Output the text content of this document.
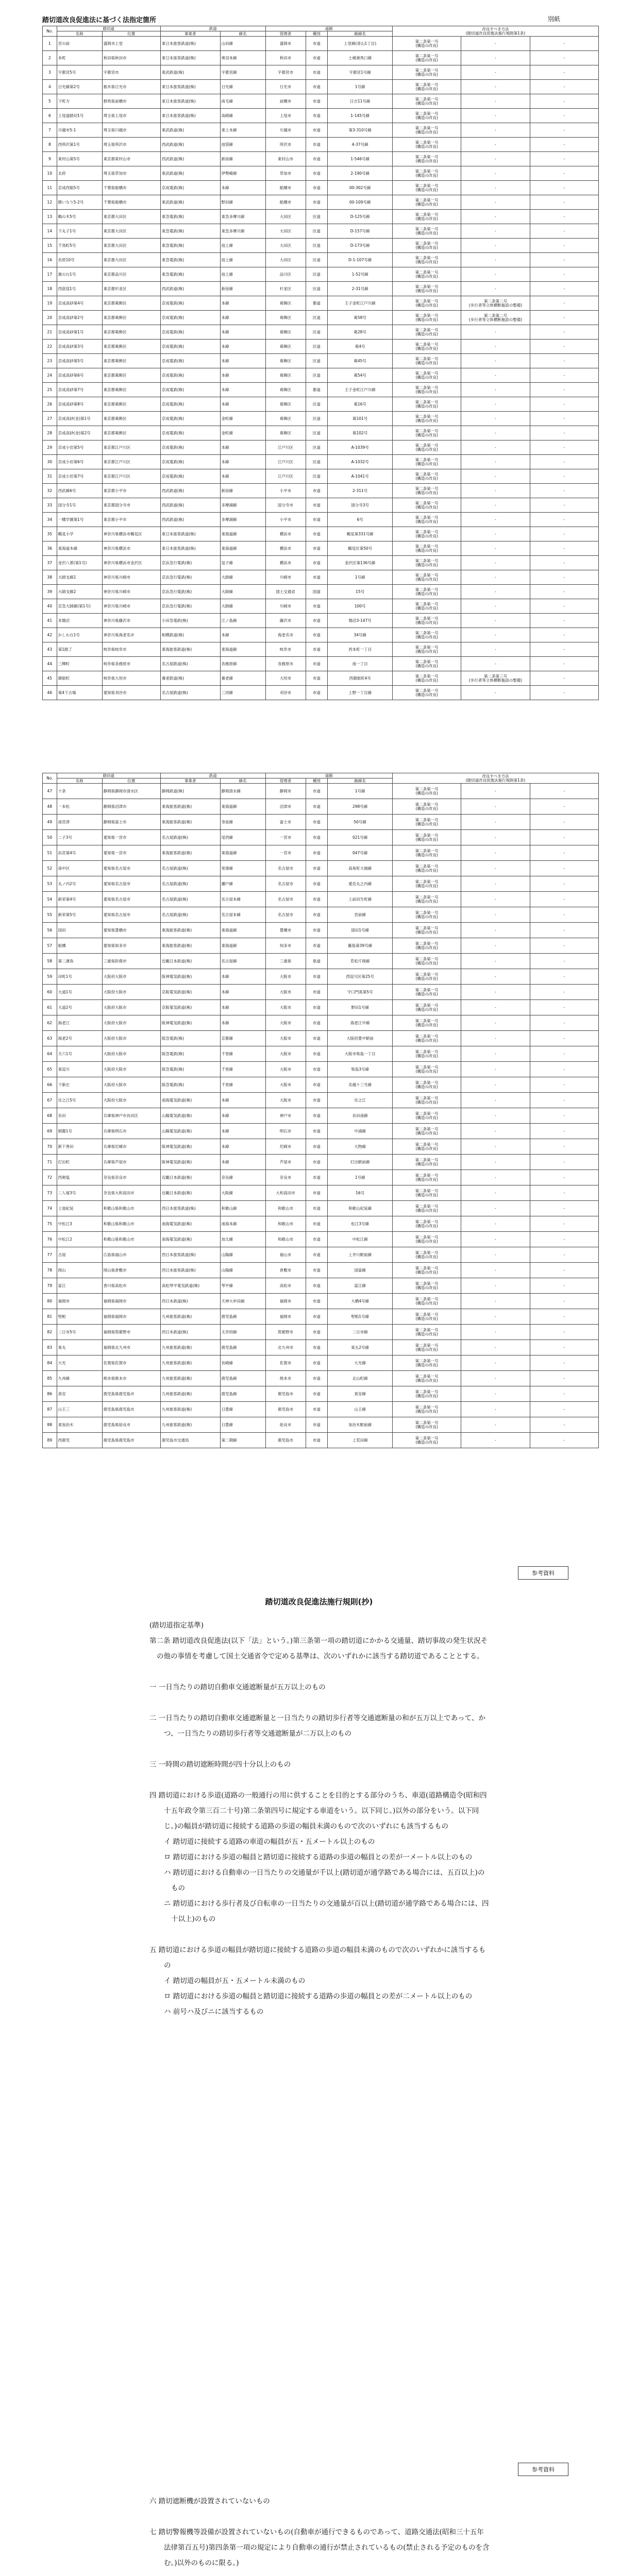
踏切道改良促進法に基づく法指定箇所	別紙
No.	踏切道		鉄道		道路			改良すべき方法
(踏切道改良促進法施行規則第1条)		

	名称	位置	事業者	線名	管理者	種別	路線名			
1	宮の前	盛岡市上堂	東日本旅客鉄道(株)	山田線	盛岡市	市道	上堂線(青山1丁目)	第二条第一号
(構造の改良)	-	-
2	本町	秋田県秋田市	東日本旅客鉄道(株)	奥羽本線	秋田市	市道	土崎港馬口線	第二条第一号
(構造の改良)	-	-
3	宇都宮5号	宇都宮市	東武鉄道(株)	宇都宮線	宇都宮市	市道	宇都宮1号線	第二条第一号
(構造の改良)	-	-
4	日光線第2号	栃木県日光市	東日本旅客鉄道(株)	日光線	日光市	市道	1号線	第二条第一号
(構造の改良)	-	-
5	下町方	群馬県前橋市	東日本旅客鉄道(株)	両毛線	前橋市	市道	日吉11号線	第二条第一号
(構造の改良)	-	-
6	上尾道踏切1号	埼玉県上尾市	東日本旅客鉄道(株)	高崎線	上尾市	市道	1-145号線	第二条第一号
(構造の改良)	-	-
7	川越市5-1	埼玉県川越市	東武鉄道(株)	東上本線	川越市	市道	第3-310号線	第二条第一号
(構造の改良)	-	-
8	西所沢第1号	埼玉県所沢市	西武鉄道(株)	池袋線	所沢市	市道	4-37号線	第二条第一号
(構造の改良)	-	-
9	東村山第5号	東京都東村山市	西武鉄道(株)	新宿線	東村山市	市道	1-546号線	第二条第一号
(構造の改良)	-	-
10	北府	埼玉県草加市	東武鉄道(株)	伊勢崎線	草加市	市道	2-190号線	第二条第一号
(構造の改良)	-	-
11	京成西船5号	千葉県船橋市	京成電鉄(株)	本線	船橋市	市道	00-302号線	第二条第一号
(構造の改良)	-	-
12	勝いなり5-2号	千葉県船橋市	東武鉄道(株)	野田線	船橋市	市道	00-109号線	第二条第一号
(構造の改良)	-	-
13	鶴の木5号	東京都大田区	東急電鉄(株)	東急多摩川線	大田区	区道	D-125号線	第二条第一号
(構造の改良)	-	-
14	下丸子1号	東京都大田区	東急電鉄(株)	東急多摩川線	大田区	区道	D-157号線	第二条第一号
(構造の改良)	-	-
15	千鳥町5号	東京都大田区	東急電鉄(株)	池上線	大田区	区道	D-173号線	第二条第一号
(構造の改良)	-	-
16	長原10号	東京都大田区	東急電鉄(株)	池上線	大田区	区道	D-1-107号線	第二条第一号
(構造の改良)	-	-
17	旗の台1号	東京都品川区	東急電鉄(株)	池上線	品川区	区道	1-52号線	第二条第一号
(構造の改良)	-	-
18	西荻窪1号	東京都杉並区	西武鉄道(株)	新宿線	杉並区	区道	2-31号線	第二条第一号
(構造の改良)	-	-
19	京成高砂第4号	東京都葛飾区	京成電鉄(株)	本線	葛飾区	都道	王子金町江戸川線	第二条第一号
(構造の改良)	第二条第二号
(歩行者等立体横断施設の整備)	-
20	京成高砂第2号	東京都葛飾区	京成電鉄(株)	本線	葛飾区	区道	葛58号	第二条第一号
(構造の改良)	第二条第二号
(歩行者等立体横断施設の整備)	-
21	京成高砂第1号	東京都葛飾区	京成電鉄(株)	本線	葛飾区	区道	葛28号	第二条第一号
(構造の改良)	-	-
22	京成高砂第3号	東京都葛飾区	京成電鉄(株)	本線	葛飾区	区道	葛4号	第二条第一号
(構造の改良)	-	-
23	京成高砂第5号	東京都葛飾区	京成電鉄(株)	本線	葛飾区	区道	葛45号	第二条第一号
(構造の改良)	-	-
24	京成高砂第6号	東京都葛飾区	京成電鉄(株)	本線	葛飾区	区道	葛54号	第二条第一号
(構造の改良)	-	-
25	京成高砂第7号	東京都葛飾区	京成電鉄(株)	本線	葛飾区	都道	王子金町江戸川線	第二条第一号
(構造の改良)	-	-
26	京成高砂第8号	東京都葛飾区	京成電鉄(株)	本線	葛飾区	区道	葛16号	第二条第一号
(構造の改良)	-	-
27	京成高砂(金)第1号	東京都葛飾区	京成電鉄(株)	金町線	葛飾区	区道	葛101号	第二条第一号
(構造の改良)	-	-
28	京成高砂(金)第2号	東京都葛飾区	京成電鉄(株)	金町線	葛飾区	区道	葛102号	第二条第一号
(構造の改良)	-	-
29	京成小岩第5号	東京都江戸川区	京成電鉄(株)	本線	江戸川区	区道	A-1039号	第二条第一号
(構造の改良)	-	-
30	京成小岩第6号	東京都江戸川区	京成電鉄(株)	本線	江戸川区	区道	A-1032号	第二条第一号
(構造の改良)	-	-
31	京成小岩第7号	東京都江戸川区	京成電鉄(株)	本線	江戸川区	区道	A-1041号	第二条第一号
(構造の改良)	-	-
32	西武線6号	東京都小平市	西武鉄道(株)	新宿線	小平市	市道	2-311号	第二条第一号
(構造の改良)	-	-
33	国分寺1号	東京都国分寺市	西武鉄道(株)	多摩湖線	国分寺市	市道	国分寺3号	第二条第一号
(構造の改良)	-	-
34	一橋学園第1号	東京都小平市	西武鉄道(株)	多摩湖線	小平市	市道	6号	第二条第一号
(構造の改良)	-	-
35	鶴見小学	神奈川県横浜市鶴見区	東日本旅客鉄道(株)	東海道線	横浜市	市道	鶴見第331号線	第二条第一号
(構造の改良)	-	-
36	東海道本線	神奈川県横浜市	東日本旅客鉄道(株)	東海道線	横浜市	市道	鶴見区第50号	第二条第一号
(構造の改良)	-	-
37	金沢八景(第1号)	神奈川県横浜市金沢区	京浜急行電鉄(株)	逗子線	横浜市	市道	金沢区第136号線	第二条第一号
(構造の改良)	-	-
38	大師支線1	神奈川県川崎市	京浜急行電鉄(株)	大師線	川崎市	市道	1号線	第二条第一号
(構造の改良)	-	-
39	大師支線2	神奈川県川崎市	京浜急行電鉄(株)	大師線	国土交通省	国道	15号	第二条第一号
(構造の改良)	-	-
40	京急大師線(第1号)	神奈川県川崎市	京浜急行電鉄(株)	大師線	川崎市	市道	100号	第二条第一号
(構造の改良)	-	-
41	本鵠沼	神奈川県藤沢市	小田急電鉄(株)	江ノ島線	藤沢市	市道	鵠沼3-147号	第二条第一号
(構造の改良)	-	-
42	かしわ台1号	神奈川県海老名市	相模鉄道(株)	本線	海老名市	市道	34号線	第二条第一号
(構造の改良)	-	-
43	第1踏了	岐阜県岐阜市	東海旅客鉄道(株)	東海道線	岐阜市	市道	西本町一丁目	第二条第一号
(構造の改良)	-	-
44	三柳町	岐阜県各務原市	名古屋鉄道(株)	各務原線	各務原市	市道	南一丁目	第二条第一号
(構造の改良)	-	-
45	御旅町	岐阜県大垣市	養老鉄道(株)	養老線	大垣市	市道	西御旅町4号	第二条第一号
(構造の改良)	第二条第三号
(歩行者等立体横断施設の整備)	-
46	第4下古場	愛知県刈谷市	名古屋鉄道(株)	三河線	刈谷市	市道	上野一丁目線	第二条第一号
(構造の改良)	-	-
No.	踏切道		鉄道		道路			改良すべき方法
(踏切道改良促進法施行規則第1条)		

	名称	位置	事業者	線名	管理者	種別	路線名			
47	十条	静岡県静岡市清水区	静岡鉄道(株)	静岡清水線	静岡市	市道	1号線	第二条第一号
(構造の改良)	-	-
48	一本松	静岡県沼津市	東海旅客鉄道(株)	東海道線	沼津市	市道	298号線	第二条第一号
(構造の改良)	-	-
49	南宮津	静岡県富士市	東海旅客鉄道(株)	身延線	富士市	市道	50号線	第二条第一号
(構造の改良)	-	-
50	二子3号	愛知県一宮市	名古屋鉄道(株)	尾西線	一宮市	市道	021号線	第二条第一号
(構造の改良)	-	-
51	浜宮第4号	愛知県一宮市	東海旅客鉄道(株)	東海道線	一宮市	市道	047号線	第二条第一号
(構造の改良)	-	-
52	南中区	愛知県名古屋市	名古屋鉄道(株)	常滑線	名古屋市	市道	高角町大堀線	第二条第一号
(構造の改良)	-	-
53	丸ノ内2号	愛知県名古屋市	名古屋鉄道(株)	瀬戸線	名古屋市	市道	愛岳丸之内線	第二条第一号
(構造の改良)	-	-
54	新栄第4号	愛知県名古屋市	名古屋鉄道(株)	名古屋本線	名古屋市	市道	上前田生町線	第二条第一号
(構造の改良)	-	-
55	新栄第5号	愛知県名古屋市	名古屋鉄道(株)	名古屋本線	名古屋市	市道	宮前線	第二条第一号
(構造の改良)	-	-
56	国田	愛知県豊橋市	東海旅客鉄道(株)	東海道線	豊橋市	市道	国田1号線	第二条第一号
(構造の改良)	-	-
57	船橋	愛知県知多市	東海旅客鉄道(株)	東海道線	知多市	市道	藤島第39号線	第二条第一号
(構造の改良)	-	-
58	第二濱角	三重県鈴鹿市	近畿日本鉄道(株)	名古屋線	三重県	県道	若松片岡線	第二条第一号
(構造の改良)	-	-
59	田町1号	大阪府大阪市	阪神電気鉄道(株)	本線	大阪市	市道	西淀川区第25号	第二条第一号
(構造の改良)	-	-
60	大道1号	大阪府大阪市	京阪電気鉄道(株)	本線	大阪市	市道	守口門真第5号	第二条第一号
(構造の改良)	-	-
61	大道2号	大阪府大阪市	京阪電気鉄道(株)	本線	大阪市	市道	野田1号線	第二条第一号
(構造の改良)	-	-
62	海老江	大阪府大阪市	阪神電気鉄道(株)	本線	大阪市	市道	海老江中線	第二条第一号
(構造の改良)	-	-
63	海老2号	大阪府大阪市	阪急電鉄(株)	京都線	大阪市	市道	大阪府豊中駅前	第二条第一号
(構造の改良)	-	-
64	天六1号	大阪府大阪市	阪急電鉄(株)	千里線	大阪市	市道	大阪市柴島一丁目	第二条第一号
(構造の改良)	-	-
65	東淀川	大阪府大阪市	阪急電鉄(株)	千里線	大阪市	市道	柴島3号線	第二条第一号
(構造の改良)	-	-
66	下新庄	大阪府大阪市	阪急電鉄(株)	千里線	大阪市	市道	名越十三号線	第二条第一号
(構造の改良)	-	-
67	住之江5号	大阪府大阪市	南海電気鉄道(株)	本線	大阪市	市道	住之江	第二条第一号
(構造の改良)	-	-
68	長田	兵庫県神戸市長田区	山陽電気鉄道(株)	本線	神戸市	市道	長田南線	第二条第一号
(構造の改良)	-	-
69	朝霧1号	兵庫県明石市	山陽電気鉄道(株)	本線	明石市	市道	中浦線	第二条第一号
(構造の改良)	-	-
70	新下善田	兵庫県尼崎市	阪神電気鉄道(株)	本線	尼崎市	市道	大物線	第二条第一号
(構造の改良)	-	-
71	打出町	兵庫県芦屋市	阪神電気鉄道(株)	本線	芦屋市	市道	打出駅前線	第二条第一号
(構造の改良)	-	-
72	西奥塩	奈良県奈良市	近畿日本鉄道(株)	奈良線	奈良市	市道	1号線	第二条第一号
(構造の改良)	-	-
73	二人塚3号	奈良県大和高田市	近畿日本鉄道(株)	大阪線	大和高田市	市道	16号	第二条第一号
(構造の改良)	-	-
74	上池紀延	和歌山県和歌山市	西日本旅客鉄道(株)	和歌山線	和歌山市	市道	和歌山紀延線	第二条第一号
(構造の改良)	-	-
75	中松江3	和歌山県和歌山市	南海電気鉄道(株)	南海本線	和歌山市	市道	松江3号線	第二条第一号
(構造の改良)	-	-
76	中松江2	和歌山県和歌山市	南海電気鉄道(株)	加太線	和歌山市	市道	中松江線	第二条第一号
(構造の改良)	-	-
77	古屋	広島県福山市	西日本旅客鉄道(株)	山陽線	福山市	市道	上井川駅前線	第二条第一号
(構造の改良)	-	-
78	岡山	岡山県倉敷市	西日本旅客鉄道(株)	山陽線	倉敷市	市道	国富線	第二条第一号
(構造の改良)	-	-
79	冨江	香川県高松市	高松琴平電気鉄道(株)	琴平線	高松市	市道	冨江線	第二条第一号
(構造の改良)	-	-
80	福岡市	福岡県福岡市	西日本鉄道(株)	天神大牟田線	福岡市	市道	大橋4号線	第二条第一号
(構造の改良)	-	-
81	堅粕	福岡県福岡市	九州旅客鉄道(株)	鹿児島線	福岡市	市道	堅粕1号線	第二条第一号
(構造の改良)	-	-
82	二日市5号	福岡県筑紫野市	西日本鉄道(株)	太宰府線	筑紫野市	市道	二日市線	第二条第一号
(構造の改良)	-	-
83	東丸	福岡県北九州市	九州旅客鉄道(株)	鹿児島線	北九州市	市道	東丸2号線	第二条第一号
(構造の改良)	-	-
84	大光	佐賀県佐賀市	九州旅客鉄道(株)	長崎線	佐賀市	市道	大光線	第二条第一号
(構造の改良)	-	-
85	九州線	熊本県熊本市	九州旅客鉄道(株)	鹿児島線	熊本市	市道	北山町線	第二条第一号
(構造の改良)	-	-
86	真安	鹿児島県鹿児島市	九州旅客鉄道(株)	鹿児島線	鹿児島市	市道	真安線	第二条第一号
(構造の改良)	-	-
87	山王三	鹿児島県鹿児島市	九州旅客鉄道(株)	日豊線	鹿児島市	市道	山王線	第二条第一号
(構造の改良)	-	-
88	東加治木	鹿児島県姶良市	九州旅客鉄道(株)	日豊線	姶良市	市道	加治木駅前線	第二条第一号
(構造の改良)	-	-
89	西鹿児	鹿児島県鹿児島市	鹿児島市交通局	第二期線	鹿児島市	市道	上荒田線	第二条第一号
(構造の改良)	-	-
参考資料
踏切道改良促進法施行規則(抄)

(踏切道指定基準)

第二条 踏切道改良促進法(以下「法」という。)第三条第一項の踏切道にかかる交通量、踏切事故の発生状況その他の事情を考慮して国土交通省令で定める基準は、次のいずれかに該当する踏切道であることとする。

一 一日当たりの踏切自動車交通遮断量が五万以上のもの

二 一日当たりの踏切自動車交通遮断量と一日当たりの踏切歩行者等交通遮断量の和が五万以上であって、かつ、一日当たりの踏切歩行者等交通遮断量が二万以上のもの

三 一時間の踏切遮断時間が四十分以上のもの

四 踏切道における歩道(道路の一般通行の用に供することを目的とする部分のうち、車道(道路構造令(昭和四十五年政令第三百二十号)第二条第四号に規定する車道をいう。以下同じ。)以外の部分をいう。以下同じ。)の幅員が踏切道に接続する道路の歩道の幅員未満のもので次のいずれにも該当するもの

イ 踏切道に接続する道路の車道の幅員が五・五メートル以上のもの

ロ 踏切道における歩道の幅員と踏切道に接続する道路の歩道の幅員との差が一メートル以上のもの

ハ 踏切道における自動車の一日当たりの交通量が千以上(踏切道が通学路である場合には、五百以上)のもの

ニ 踏切道における歩行者及び自転車の一日当たりの交通量が百以上(踏切道が通学路である場合には、四十以上)のもの

五 踏切道における歩道の幅員が踏切道に接続する道路の歩道の幅員未満のもので次のいずれかに該当するもの

イ 踏切道の幅員が五・五メートル未満のもの

ロ 踏切道における歩道の幅員と踏切道に接続する道路の歩道の幅員との差が二メートル以上のもの

ハ 前号ハ及びニに該当するもの

参考資料

六 踏切遮断機が設置されていないもの

七 踏切警報機等設備が設置されていないもの(自動車が通行できるものであって、道路交通法(昭和三十五年法律第百五号)第四条第一項の規定により自動車の通行が禁止されているもの(禁止される予定のものを含む。)以外のものに限る。)
